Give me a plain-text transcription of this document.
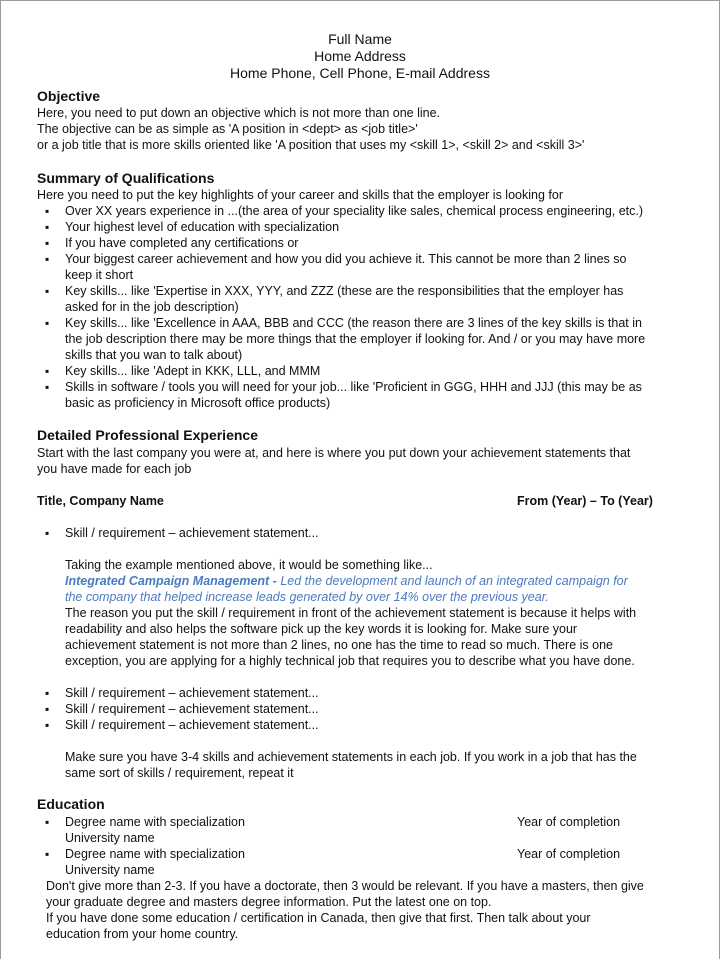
Full Name
Home Address
Home Phone, Cell Phone, E-mail Address
Objective
Here, you need to put down an objective which is not more than one line.
The objective can be as simple as 'A position in <dept> as <job title>'
or a job title that is more skills oriented like 'A position that uses my <skill 1>, <skill 2> and <skill 3>'
Summary of Qualifications
Here you need to put the key highlights of your career and skills that the employer is looking for
▪ Over XX years experience in ...(the area of your speciality like sales, chemical process engineering, etc.)
▪ Your highest level of education with specialization
▪ If you have completed any certifications or
▪ Your biggest career achievement and how you did you achieve it. This cannot be more than 2 lines so
keep it short
▪ Key skills... like 'Expertise in XXX, YYY, and ZZZ (these are the responsibilities that the employer has
asked for in the job description)
▪ Key skills... like 'Excellence in AAA, BBB and CCC (the reason there are 3 lines of the key skills is that in
the job description there may be more things that the employer if looking for. And / or you may have more
skills that you wan to talk about)
▪ Key skills... like 'Adept in KKK, LLL, and MMM
▪ Skills in software / tools you will need for your job... like 'Proficient in GGG, HHH and JJJ (this may be as
basic as proficiency in Microsoft office products)
Detailed Professional Experience
Start with the last company you were at, and here is where you put down your achievement statements that
you have made for each job
Title, Company Name	From (Year) – To (Year)
▪ Skill / requirement – achievement statement...
Taking the example mentioned above, it would be something like...
Integrated Campaign Management - Led the development and launch of an integrated campaign for
the company that helped increase leads generated by over 14% over the previous year.
The reason you put the skill / requirement in front of the achievement statement is because it helps with
readability and also helps the software pick up the key words it is looking for. Make sure your
achievement statement is not more than 2 lines, no one has the time to read so much. There is one
exception, you are applying for a highly technical job that requires you to describe what you have done.
▪ Skill / requirement – achievement statement...
▪ Skill / requirement – achievement statement...
▪ Skill / requirement – achievement statement...
Make sure you have 3-4 skills and achievement statements in each job. If you work in a job that has the
same sort of skills / requirement, repeat it
Education
▪ Degree name with specialization	Year of completion
University name
▪ Degree name with specialization	Year of completion
University name
Don't give more than 2-3. If you have a doctorate, then 3 would be relevant. If you have a masters, then give
your graduate degree and masters degree information. Put the latest one on top.
If you have done some education / certification in Canada, then give that first. Then talk about your
education from your home country.
